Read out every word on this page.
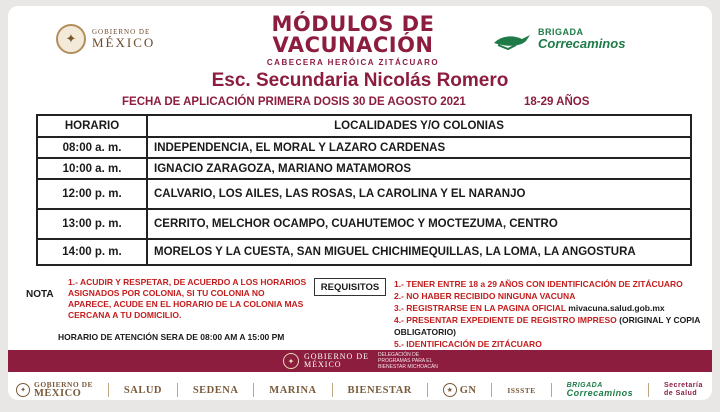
✦	GOBIERNO DE
MÉXICO
MÓDULOS DE
VACUNACIÓN
CABECERA HERÓICA ZITÁCUARO
BRIGADA
Correcaminos
Esc. Secundaria Nicolás Romero
FECHA DE APLICACIÓN PRIMERA DOSIS 30 DE AGOSTO 2021	18-29 AÑOS
HORARIO	LOCALIDADES Y/O COLONIAS
08:00 a. m.	INDEPENDENCIA, EL MORAL Y LAZARO CARDENAS
10:00 a. m.	IGNACIO ZARAGOZA, MARIANO MATAMOROS
12:00 p. m.	CALVARIO, LOS AILES, LAS ROSAS, LA CAROLINA Y EL NARANJO
13:00 p. m.	CERRITO, MELCHOR OCAMPO, CUAHUTEMOC Y MOCTEZUMA, CENTRO
14:00 p. m.	MORELOS Y LA CUESTA, SAN MIGUEL CHICHIMEQUILLAS, LA LOMA, LA ANGOSTURA
NOTA
1.- ACUDIR Y RESPETAR, DE ACUERDO A LOS HORARIOS ASIGNADOS POR COLONIA, SI TU COLONIA NO APARECE, ACUDE EN EL HORARIO DE LA COLONIA MAS CERCANA A TU DOMICILIO.
REQUISITOS	1.- TENER ENTRE 18 a 29 AÑOS CON IDENTIFICACIÓN DE ZITÁCUARO
2.- NO HABER RECIBIDO NINGUNA VACUNA
3.- REGISTRARSE EN LA PAGINA OFICIAL mivacuna.salud.gob.mx
4.- PRESENTAR EXPEDIENTE DE REGISTRO IMPRESO (ORIGINAL Y COPIA OBLIGATORIO)
5.- IDENTIFICACIÓN DE ZITÁCUARO
HORARIO DE ATENCIÓN SERA DE 08:00 AM A 15:00 PM
✦	GOBIERNO DE
MÉXICO
DELEGACIÓN DE PROGRAMAS PARA EL BIENESTAR MICHOACÁN
✦
GOBIERNO DE
MÉXICO	SALUD	SEDENA	MARINA	BIENESTAR	★ GN	ISSSTE	BRIGADA
Correcaminos
Secretaría de Salud
